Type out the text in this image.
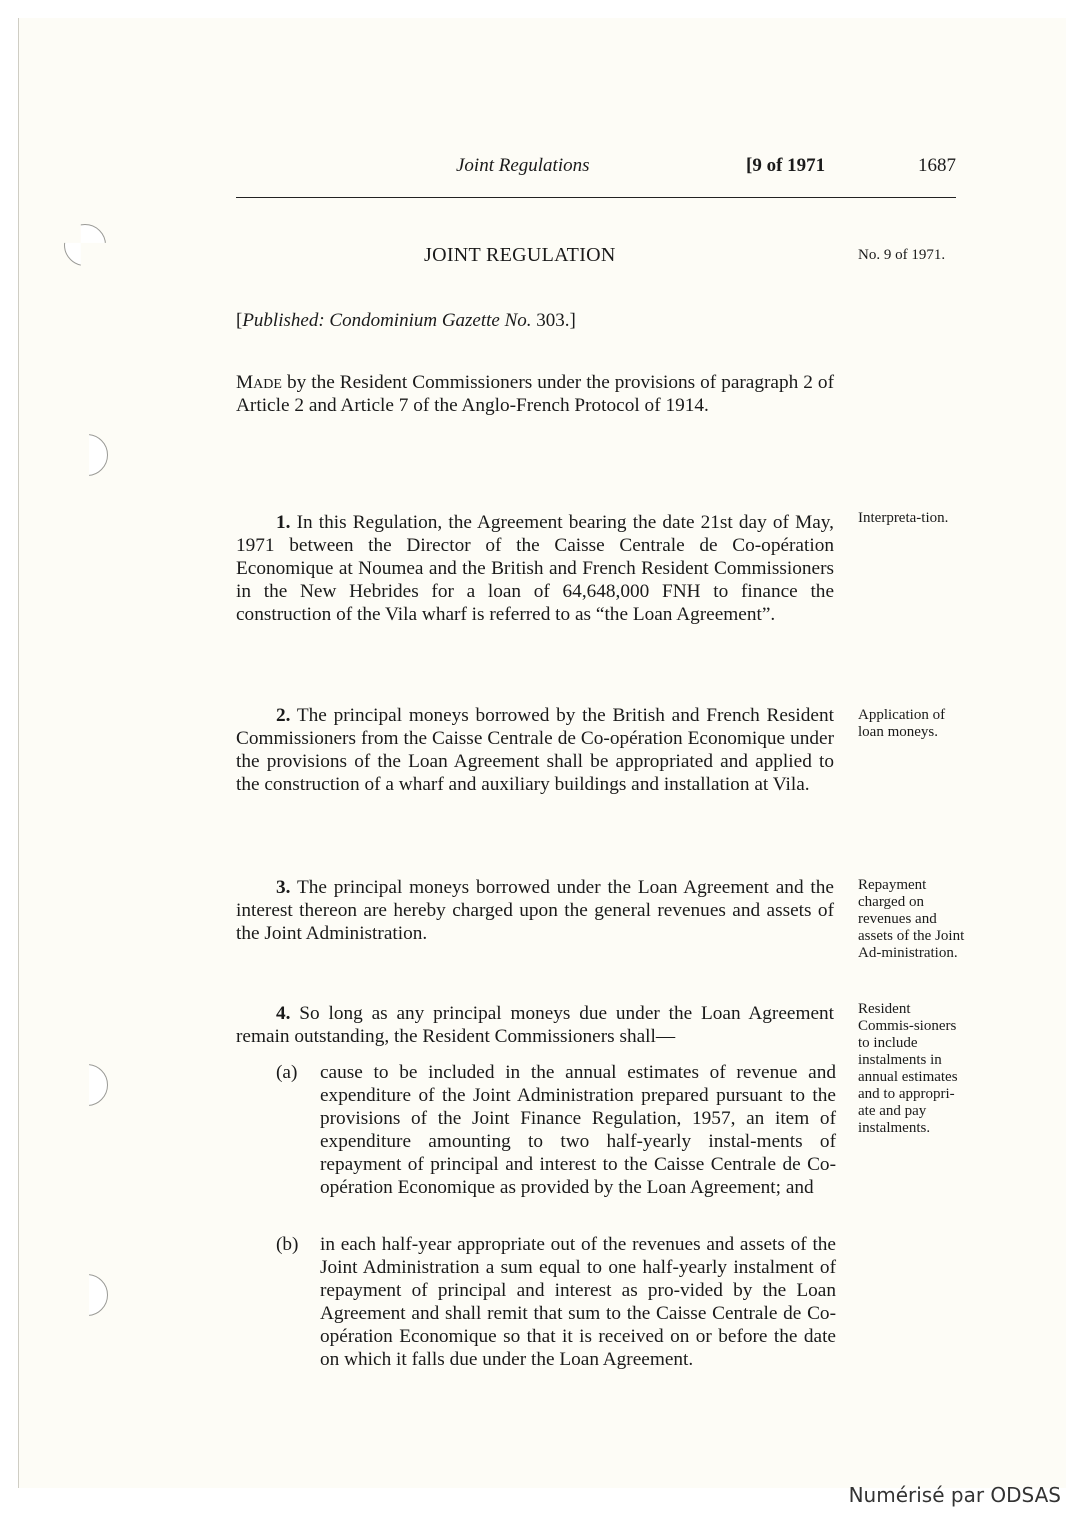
Joint Regulations	[9 of 1971	1687
JOINT REGULATION	No. 9 of 1971.
[Published: Condominium Gazette No. 303.]

Made by the Resident Commissioners under the provisions of paragraph 2 of Article 2 and Article 7 of the Anglo-French Protocol of 1914.

1. In this Regulation, the Agreement bearing the date 21st day of May, 1971 between the Director of the Caisse Centrale de Co-opération Economique at Noumea and the British and French Resident Commissioners in the New Hebrides for a loan of 64,648,000 FNH to finance the construction of the Vila wharf is referred to as “the Loan Agreement”.

Interpreta-tion.

2. The principal moneys borrowed by the British and French Resident Commissioners from the Caisse Centrale de Co-opération Economique under the provisions of the Loan Agreement shall be appropriated and applied to the construction of a wharf and auxiliary buildings and installation at Vila.

Application of loan moneys.

3. The principal moneys borrowed under the Loan Agreement and the interest thereon are hereby charged upon the general revenues and assets of the Joint Administration.

Repayment charged on revenues and assets of the Joint Ad-ministration.

4. So long as any principal moneys due under the Loan Agreement remain outstanding, the Resident Commissioners shall—

Resident Commis-sioners to include instalments in annual estimates and to appropri-ate and pay instalments.
(a) cause to be included in the annual estimates of revenue and expenditure of the Joint Administration prepared pursuant to the provisions of the Joint Finance Regulation, 1957, an item of expenditure amounting to two half-yearly instal-ments of repayment of principal and interest to the Caisse Centrale de Co-opération Economique as provided by the Loan Agreement; and

(b) in each half-year appropriate out of the revenues and assets of the Joint Administration a sum equal to one half-yearly instalment of repayment of principal and interest as pro-vided by the Loan Agreement and shall remit that sum to the Caisse Centrale de Co-opération Economique so that it is received on or before the date on which it falls due under the Loan Agreement.

Numérisé par ODSAS
